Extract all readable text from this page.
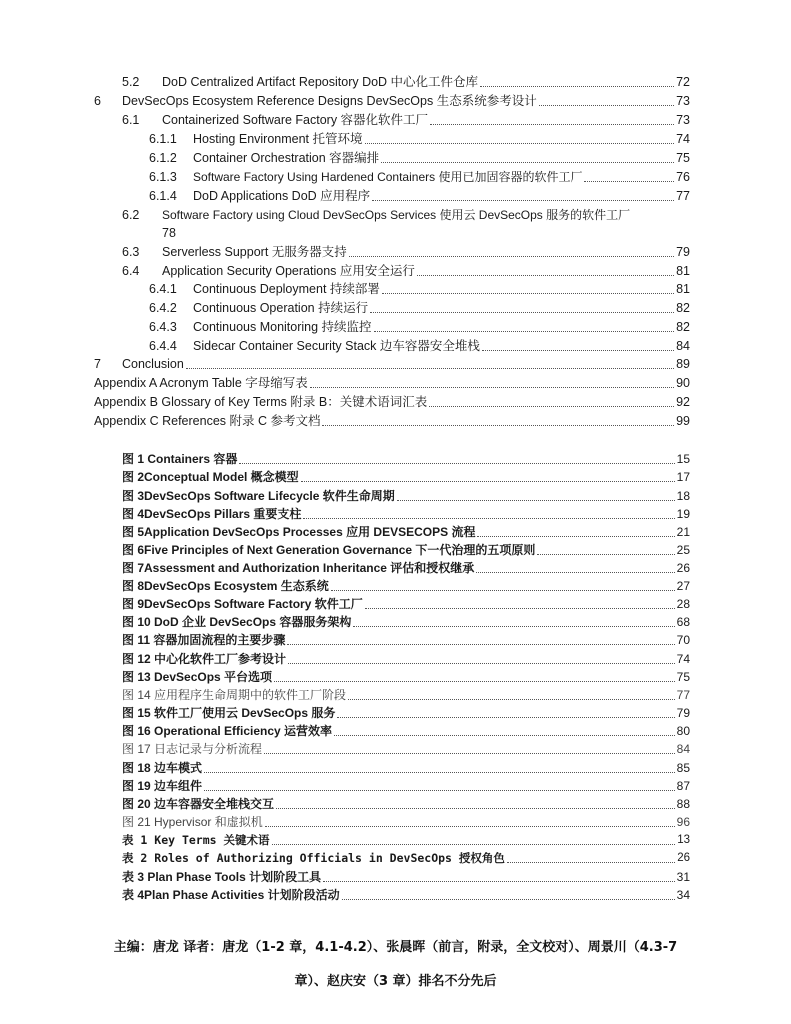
5.2	DoD Centralized Artifact Repository DoD 中心化工件仓库	72
6	DevSecOps Ecosystem Reference Designs DevSecOps 生态系统参考设计	73
6.1	Containerized Software Factory 容器化软件工厂	73
6.1.1	Hosting Environment 托管环境	74
6.1.2	Container Orchestration 容器编排	75
6.1.3	Software Factory Using Hardened Containers 使用已加固容器的软件工厂	76
6.1.4	DoD Applications DoD 应用程序	77
6.2 Software Factory using Cloud DevSecOps Services 使用云 DevSecOps 服务的软件工厂
78
6.3	Serverless Support 无服务器支持	79
6.4	Application Security Operations 应用安全运行	81
6.4.1	Continuous Deployment 持续部署	81
6.4.2	Continuous Operation 持续运行	82
6.4.3	Continuous Monitoring 持续监控	82
6.4.4	Sidecar Container Security Stack 边车容器安全堆栈	84
7	Conclusion	89
Appendix A Acronym Table 字母缩写表	90
Appendix B Glossary of Key Terms 附录 B：关键术语词汇表	92
Appendix C References 附录 C 参考文档	99
图 1 Containers 容器	15
图 2Conceptual Model 概念模型	17
图 3DevSecOps Software Lifecycle 软件生命周期	18
图 4DevSecOps Pillars 重要支柱	19
图 5Application DevSecOps Processes 应用 DEVSECOPS 流程	21
图 6Five Principles of Next Generation Governance 下一代治理的五项原则	25
图 7Assessment and Authorization Inheritance 评估和授权继承	26
图 8DevSecOps Ecosystem 生态系统	27
图 9DevSecOps Software Factory 软件工厂	28
图 10 DoD 企业 DevSecOps 容器服务架构	68
图 11 容器加固流程的主要步骤	70
图 12 中心化软件工厂参考设计	74
图 13 DevSecOps 平台选项	75
图 14 应用程序生命周期中的软件工厂阶段	77
图 15 软件工厂使用云 DevSecOps 服务	79
图 16 Operational Efficiency 运营效率	80
图 17 日志记录与分析流程	84
图 18 边车模式	85
图 19 边车组件	87
图 20 边车容器安全堆栈交互	88
图 21 Hypervisor 和虚拟机	96
表 1 Key Terms 关键术语	13
表 2 Roles of Authorizing Officials in DevSecOps 授权角色	26
表 3 Plan Phase Tools 计划阶段工具	31
表 4Plan Phase Activities 计划阶段活动	34
主编：唐龙 译者：唐龙（1-2 章，4.1-4.2）、张晨晖（前言，附录，全文校对）、周景川（4.3-7
章）、赵庆安（3 章）排名不分先后
